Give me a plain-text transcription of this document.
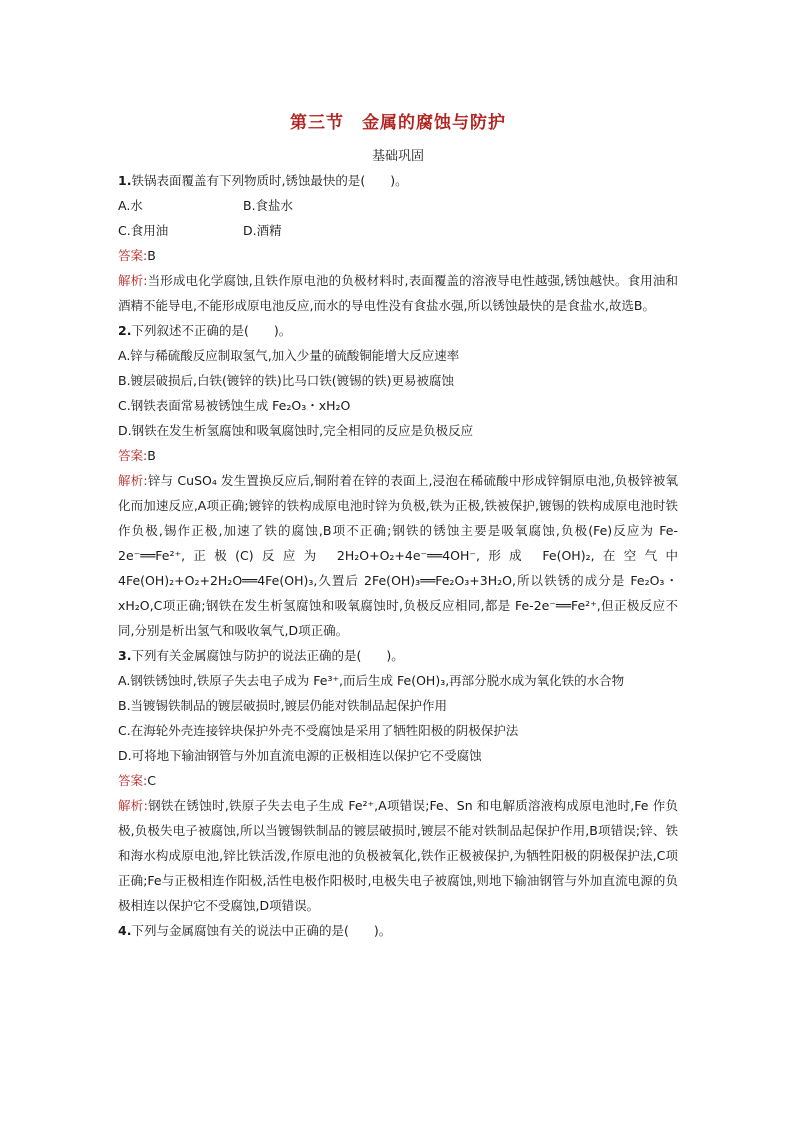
第三节　金属的腐蚀与防护
基础巩固
1.铁锅表面覆盖有下列物质时,锈蚀最快的是(　　)。
A.水	B.食盐水
C.食用油	D.酒精
答案:B
解析:当形成电化学腐蚀,且铁作原电池的负极材料时,表面覆盖的溶液导电性越强,锈蚀越快。食用油和酒精不能导电,不能形成原电池反应,而水的导电性没有食盐水强,所以锈蚀最快的是食盐水,故选B。
2.下列叙述不正确的是(　　)。
A.锌与稀硫酸反应制取氢气,加入少量的硫酸铜能增大反应速率
B.镀层破损后,白铁(镀锌的铁)比马口铁(镀锡的铁)更易被腐蚀
C.钢铁表面常易被锈蚀生成 Fe₂O₃・xH₂O
D.钢铁在发生析氢腐蚀和吸氧腐蚀时,完全相同的反应是负极反应
答案:B
解析:锌与 CuSO₄ 发生置换反应后,铜附着在锌的表面上,浸泡在稀硫酸中形成锌铜原电池,负极锌被氧化而加速反应,A项正确;镀锌的铁构成原电池时锌为负极,铁为正极,铁被保护,镀锡的铁构成原电池时铁作负极,锡作正极,加速了铁的腐蚀,B项不正确;钢铁的锈蚀主要是吸氧腐蚀,负极(Fe)反应为 Fe-2e⁻══Fe²⁺,正极(C)反应为 2H₂O+O₂+4e⁻══4OH⁻,形成 Fe(OH)₂,在空气中 4Fe(OH)₂+O₂+2H₂O══4Fe(OH)₃,久置后 2Fe(OH)₃══Fe₂O₃+3H₂O,所以铁锈的成分是 Fe₂O₃・xH₂O,C项正确;钢铁在发生析氢腐蚀和吸氧腐蚀时,负极反应相同,都是 Fe-2e⁻══Fe²⁺,但正极反应不同,分别是析出氢气和吸收氧气,D项正确。
3.下列有关金属腐蚀与防护的说法正确的是(　　)。
A.钢铁锈蚀时,铁原子失去电子成为 Fe³⁺,而后生成 Fe(OH)₃,再部分脱水成为氧化铁的水合物
B.当镀锡铁制品的镀层破损时,镀层仍能对铁制品起保护作用
C.在海轮外壳连接锌块保护外壳不受腐蚀是采用了牺牲阳极的阴极保护法
D.可将地下输油钢管与外加直流电源的正极相连以保护它不受腐蚀
答案:C
解析:钢铁在锈蚀时,铁原子失去电子生成 Fe²⁺,A项错误;Fe、Sn 和电解质溶液构成原电池时,Fe 作负极,负极失电子被腐蚀,所以当镀锡铁制品的镀层破损时,镀层不能对铁制品起保护作用,B项错误;锌、铁和海水构成原电池,锌比铁活泼,作原电池的负极被氧化,铁作正极被保护,为牺牲阳极的阴极保护法,C项正确;Fe与正极相连作阳极,活性电极作阳极时,电极失电子被腐蚀,则地下输油钢管与外加直流电源的负极相连以保护它不受腐蚀,D项错误。
4.下列与金属腐蚀有关的说法中正确的是(　　)。
